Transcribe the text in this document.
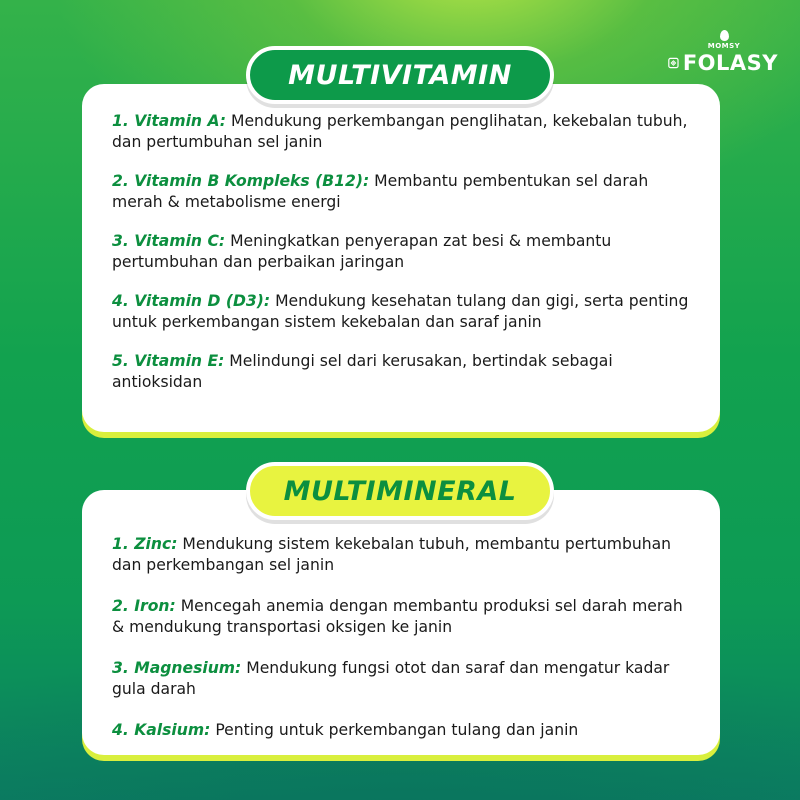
MOMSY
FOLASY

1. Vitamin A: Mendukung perkembangan penglihatan, kekebalan tubuh, dan pertumbuhan sel janin

2. Vitamin B Kompleks (B12): Membantu pembentukan sel darah merah & metabolisme energi

3. Vitamin C: Meningkatkan penyerapan zat besi & membantu pertumbuhan dan perbaikan jaringan

4. Vitamin D (D3): Mendukung kesehatan tulang dan gigi, serta penting untuk perkembangan sistem kekebalan dan saraf janin

5. Vitamin E: Melindungi sel dari kerusakan, bertindak sebagai antioksidan

MULTIVITAMIN

1. Zinc: Mendukung sistem kekebalan tubuh, membantu pertumbuhan dan perkembangan sel janin

2. Iron: Mencegah anemia dengan membantu produksi sel darah merah & mendukung transportasi oksigen ke janin

3. Magnesium: Mendukung fungsi otot dan saraf dan mengatur kadar gula darah

4. Kalsium: Penting untuk perkembangan tulang dan janin

MULTIMINERAL
